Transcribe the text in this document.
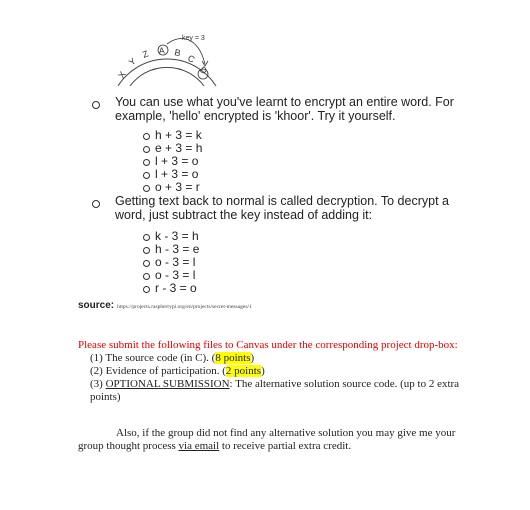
X
Y
Z A B
C
D
key = 3
You can use what you've learnt to encrypt an entire word. For example, 'hello' encrypted is 'khoor'. Try it yourself.
h + 3 = k
e + 3 = h
l + 3 = o
l + 3 = o
o + 3 = r
Getting text back to normal is called decryption. To decrypt a word, just subtract the key instead of adding it:
k - 3 = h
h - 3 = e
o - 3 = l
o - 3 = l
r - 3 = o
source: https://projects.raspberrypi.org/en/projects/secret-messages/1
Please submit the following files to Canvas under the corresponding project drop-box:
(1) The source code (in C). (8 points)
(2) Evidence of participation. (2 points)
(3) OPTIONAL SUBMISSION: The alternative solution source code. (up to 2 extra points)
Also, if the group did not find any alternative solution you may give me your group thought process via email to receive partial extra credit.
